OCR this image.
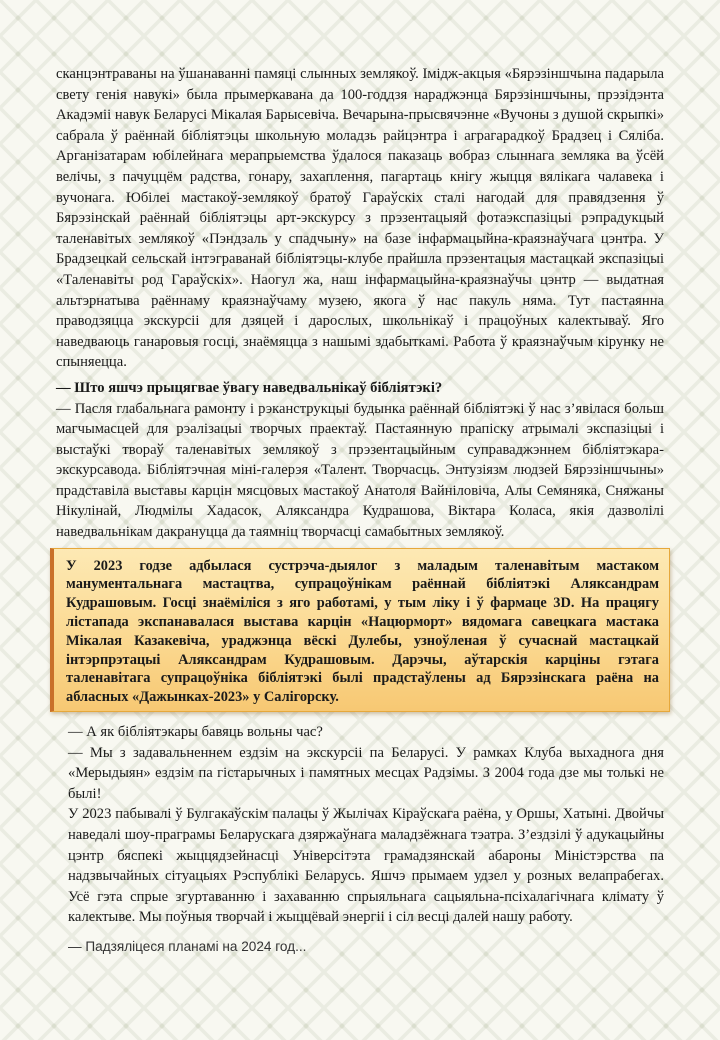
сканцэнтраваны на ўшанаванні памяці слынных землякоў. Імідж-акцыя «Бярэзіншчына падарыла свету генія навукі» была прымеркавана да 100-годдзя нараджэнца Бярэзіншчыны, прэзідэнта Акадэміі навук Беларусі Мікалая Барысевіча. Вечарына-прысвячэнне «Вучоны з душой скрыпкі» сабрала ў раённай бібліятэцы школьную моладзь райцэнтра і аграгарадкоў Брадзец і Сяліба. Арганізатарам юбілейнага мерапрыемства ўдалося паказаць вобраз слыннага земляка ва ўсёй велічы, з пачуццём радства, гонару, захаплення, пагартаць кнігу жыцця вялікага чалавека і вучонага. Юбілеі мастакоў-землякоў братоў Гараўскіх сталі нагодай для правядзення ў Бярэзінскай раённай бібліятэцы арт-экскурсу з прэзентацыяй фотаэкспазіцыі рэпрадукцый таленавітых землякоў «Пэндзаль у спадчыну» на базе інфармацыйна-краязнаўчага цэнтра. У Брадзецкай сельскай інтэграванай бібліятэцы-клубе прайшла прэзентацыя мастацкай экспазіцыі «Таленавіты род Гараўскіх». Наогул жа, наш інфармацыйна-краязнаўчы цэнтр — выдатная альтэрнатыва раённаму краязнаўчаму музею, якога ў нас пакуль няма. Тут пастаянна праводзяцца экскурсіі для дзяцей і дарослых, школьнікаў і працоўных калектываў. Яго наведваюць ганаровыя госці, знаёмяцца з нашымі здабыткамі. Работа ў краязнаўчым кірунку не спыняецца.

— Што яшчэ прыцягвае ўвагу наведвальнікаў бібліятэкі?

— Пасля глабальнага рамонту і рэканструкцыі будынка раённай бібліятэкі ў нас з’явілася больш магчымасцей для рэалізацыі творчых праектаў. Пастаянную прапіску атрымалі экспазіцыі і выстаўкі твораў таленавітых землякоў з прэзентацыйным суправаджэннем бібліятэкара-экскурсавода. Бібліятэчная міні-галерэя «Талент. Творчасць. Энтузіязм людзей Бярэзіншчыны» прадставіла выставы карцін мясцовых мастакоў Анатоля Вайніловіча, Алы Семяняка, Сняжаны Нікулінай, Людмілы Хадасок, Аляксандра Кудрашова, Віктара Коласа, якія дазволілі наведвальнікам дакрануцца да таямніц творчасці самабытных землякоў.

У 2023 годзе адбылася сустрэча-дыялог з маладым таленавітым мастаком манументальнага мастацтва, супрацоўнікам раённай бібліятэкі Аляксандрам Кудрашовым. Госці знаёміліся з яго работамі, у тым ліку і ў фармаце 3D. На працягу лістапада экспанавалася выстава карцін «Нацюрморт» вядомага савецкага мастака Мікалая Казакевіча, ураджэнца вёскі Дулебы, узноўленая ў сучаснай мастацкай інтэрпрэтацыі Аляксандрам Кудрашовым. Дарэчы, аўтарскія карціны гэтага таленавітага супрацоўніка бібліятэкі былі прадстаўлены ад Бярэзінскага раёна на абласных «Дажынках-2023» у Салігорску.

— А як бібліятэкары бавяць вольны час?

— Мы з задавальненнем ездзім на экскурсіі па Беларусі. У рамках Клуба выхаднога дня «Мерыдыян» ездзім па гістарычных і памятных месцах Радзімы. З 2004 года дзе мы толькі не былі!

У 2023 пабывалі ў Булгакаўскім палацы ў Жылічах Кіраўскага раёна, у Оршы, Хатыні. Двойчы наведалі шоу-праграмы Беларускага дзяржаўнага маладзёжнага тэатра. З’ездзілі ў адукацыйны цэнтр бяспекі жыццядзейнасці Універсітэта грамадзянскай абароны Міністэрства па надзвычайных сітуацыях Рэспублікі Беларусь. Яшчэ прымаем удзел у розных велапрабегах. Усё гэта спрые згуртаванню і захаванню спрыяльнага сацыяльна-псіхалагічнага клімату ў калектыве. Мы поўныя творчай і жыццёвай энергіі і сіл весці далей нашу работу.

— Падзяліцеся планамі на 2024 год...
